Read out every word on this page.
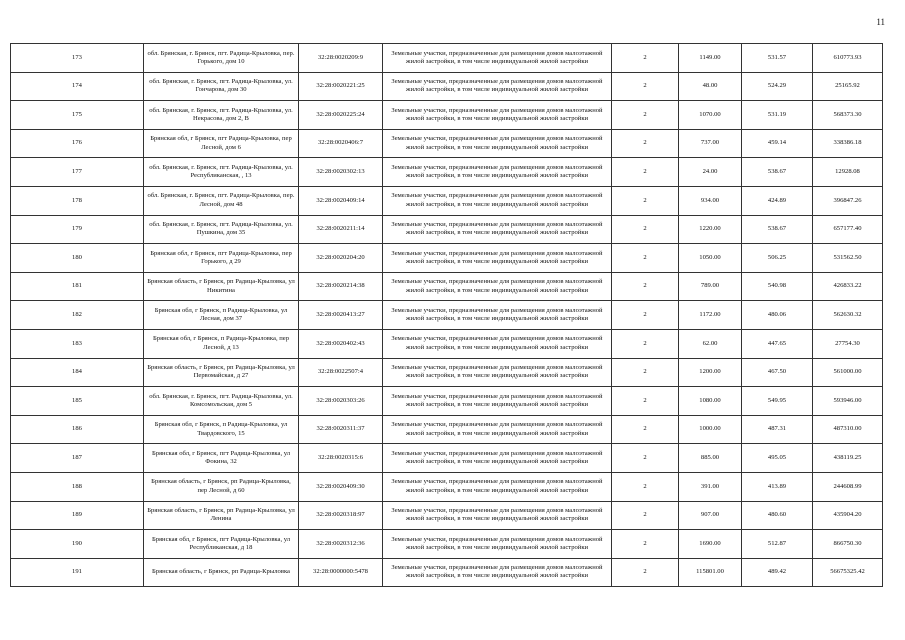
11
173	обл. Брянская, г. Брянск, пгт. Радица-Крыловка, пер. Горького, дом 10	32:28:0020209:9	Земельные участки, предназначенные для размещения домов малоэтажной жилой застройки, в том числе индивидуальной жилой застройки	2	1149.00	531.57	610773.93
174	обл. Брянская, г. Брянск, пгт. Радица-Крыловка, ул. Гончарова, дом 30	32:28:0020221:25	Земельные участки, предназначенные для размещения домов малоэтажной жилой застройки, в том числе индивидуальной жилой застройки	2	48.00	524.29	25165.92
175	обл. Брянская, г. Брянск, пгт. Радица-Крыловка, ул. Некрасова, дом 2, В	32:28:0020225:24	Земельные участки, предназначенные для размещения домов малоэтажной жилой застройки, в том числе индивидуальной жилой застройки	2	1070.00	531.19	568373.30
176	Брянская обл, г Брянск, пгт Радица-Крыловка, пер Лесной, дом 6	32:28:0020406:7	Земельные участки, предназначенные для размещения домов малоэтажной жилой застройки, в том числе индивидуальной жилой застройки	2	737.00	459.14	338386.18
177	обл. Брянская, г. Брянск, пгт. Радица-Крыловка, ул. Республиканская, , 13	32:28:0020302:13	Земельные участки, предназначенные для размещения домов малоэтажной жилой застройки, в том числе индивидуальной жилой застройки	2	24.00	538.67	12928.08
178	обл. Брянская, г. Брянск, пгт. Радица-Крыловка, пер. Лесной, дом 48	32:28:0020409:14	Земельные участки, предназначенные для размещения домов малоэтажной жилой застройки, в том числе индивидуальной жилой застройки	2	934.00	424.89	396847.26
179	обл. Брянская, г. Брянск, пгт. Радица-Крыловка, ул. Пушкина, дом 35	32:28:0020211:14	Земельные участки, предназначенные для размещения домов малоэтажной жилой застройки, в том числе индивидуальной жилой застройки	2	1220.00	538.67	657177.40
180	Брянская обл, г Брянск, пгт Радица-Крыловка, пер Горького, д 29	32:28:0020204:20	Земельные участки, предназначенные для размещения домов малоэтажной жилой застройки, в том числе индивидуальной жилой застройки	2	1050.00	506.25	531562.50
181	Брянская область, г Брянск, рп Радица-Крыловка, ул Никитина	32:28:0020214:38	Земельные участки, предназначенные для размещения домов малоэтажной жилой застройки, в том числе индивидуальной жилой застройки	2	789.00	540.98	426833.22
182	Брянская обл, г Брянск, п Радица-Крыловка, ул Лесная, дом 37	32:28:0020413:27	Земельные участки, предназначенные для размещения домов малоэтажной жилой застройки, в том числе индивидуальной жилой застройки	2	1172.00	480.06	562630.32
183	Брянская обл, г Брянск, п Радица-Крыловка, пер Лесной, д 13	32:28:0020402:43	Земельные участки, предназначенные для размещения домов малоэтажной жилой застройки, в том числе индивидуальной жилой застройки	2	62.00	447.65	27754.30
184	Брянская область, г Брянск, рп Радица-Крыловка, ул Первомайская, д 27	32:28:0022507:4	Земельные участки, предназначенные для размещения домов малоэтажной жилой застройки, в том числе индивидуальной жилой застройки	2	1200.00	467.50	561000.00
185	обл. Брянская, г. Брянск, пгт. Радица-Крыловка, ул. Комсомольская, дом 5	32:28:0020303:26	Земельные участки, предназначенные для размещения домов малоэтажной жилой застройки, в том числе индивидуальной жилой застройки	2	1080.00	549.95	593946.00
186	Брянская обл, г Брянск, п Радица-Крыловка, ул Твардовского, 15	32:28:0020311:37	Земельные участки, предназначенные для размещения домов малоэтажной жилой застройки, в том числе индивидуальной жилой застройки	2	1000.00	487.31	487310.00
187	Брянская обл, г Брянск, пгт Радица-Крыловка, ул Фокина, 32	32:28:0020315:6	Земельные участки, предназначенные для размещения домов малоэтажной жилой застройки, в том числе индивидуальной жилой застройки	2	885.00	495.05	438119.25
188	Брянская область, г Брянск, рп Радица-Крыловка, пер Лесной, д 60	32:28:0020409:30	Земельные участки, предназначенные для размещения домов малоэтажной жилой застройки, в том числе индивидуальной жилой застройки	2	391.00	413.89	244608.99
189	Брянская область, г Брянск, рп Радица-Крыловка, ул Ленина	32:28:0020318:97	Земельные участки, предназначенные для размещения домов малоэтажной жилой застройки, в том числе индивидуальной жилой застройки	2	907.00	480.60	435904.20
190	Брянская обл, г Брянск, пгт Радица-Крыловка, ул Республиканская, д 18	32:28:0020312:36	Земельные участки, предназначенные для размещения домов малоэтажной жилой застройки, в том числе индивидуальной жилой застройки	2	1690.00	512.87	866750.30
191	Брянская область, г Брянск, рп Радица-Крыловка	32:28:0000000:5478	Земельные участки, предназначенные для размещения домов малоэтажной жилой застройки, в том числе индивидуальной жилой застройки	2	115801.00	489.42	56675325.42
